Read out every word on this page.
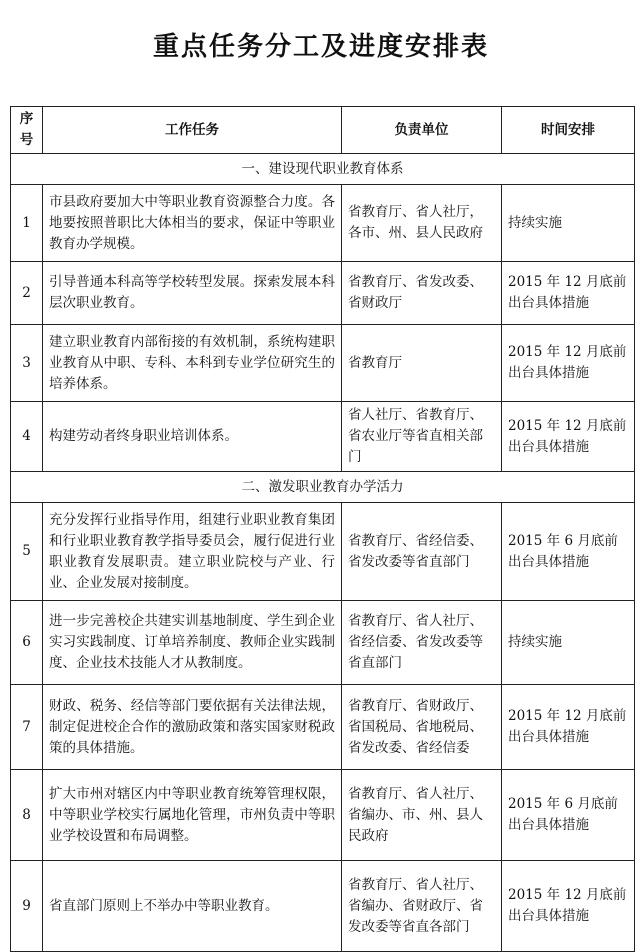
重点任务分工及进度安排表
序号	工作任务	负责单位	时间安排
一、建设现代职业教育体系			
1	市县政府要加大中等职业教育资源整合力度。各地要按照普职比大体相当的要求，保证中等职业教育办学规模。	省教育厅、省人社厅，各市、州、县人民政府	持续实施
2	引导普通本科高等学校转型发展。探索发展本科层次职业教育。	省教育厅、省发改委、省财政厅	2015 年 12 月底前出台具体措施
3	建立职业教育内部衔接的有效机制，系统构建职业教育从中职、专科、本科到专业学位研究生的培养体系。	省教育厅	2015 年 12 月底前出台具体措施
4	构建劳动者终身职业培训体系。	省人社厅、省教育厅、省农业厅等省直相关部门	2015 年 12 月底前出台具体措施
二、激发职业教育办学活力			
5	充分发挥行业指导作用，组建行业职业教育集团和行业职业教育教学指导委员会，履行促进行业职业教育发展职责。建立职业院校与产业、行业、企业发展对接制度。	省教育厅、省经信委、省发改委等省直部门	2015 年 6 月底前出台具体措施
6	进一步完善校企共建实训基地制度、学生到企业实习实践制度、订单培养制度、教师企业实践制度、企业技术技能人才从教制度。	省教育厅、省人社厅、省经信委、省发改委等省直部门	持续实施
7	财政、税务、经信等部门要依据有关法律法规，制定促进校企合作的激励政策和落实国家财税政策的具体措施。	省教育厅、省财政厅、省国税局、省地税局、省发改委、省经信委	2015 年 12 月底前出台具体措施
8	扩大市州对辖区内中等职业教育统筹管理权限，中等职业学校实行属地化管理，市州负责中等职业学校设置和布局调整。	省教育厅、省人社厅、省编办、市、州、县人民政府	2015 年 6 月底前出台具体措施
9	省直部门原则上不举办中等职业教育。	省教育厅、省人社厅、省编办、省财政厅、省发改委等省直各部门	2015 年 12 月底前出台具体措施
